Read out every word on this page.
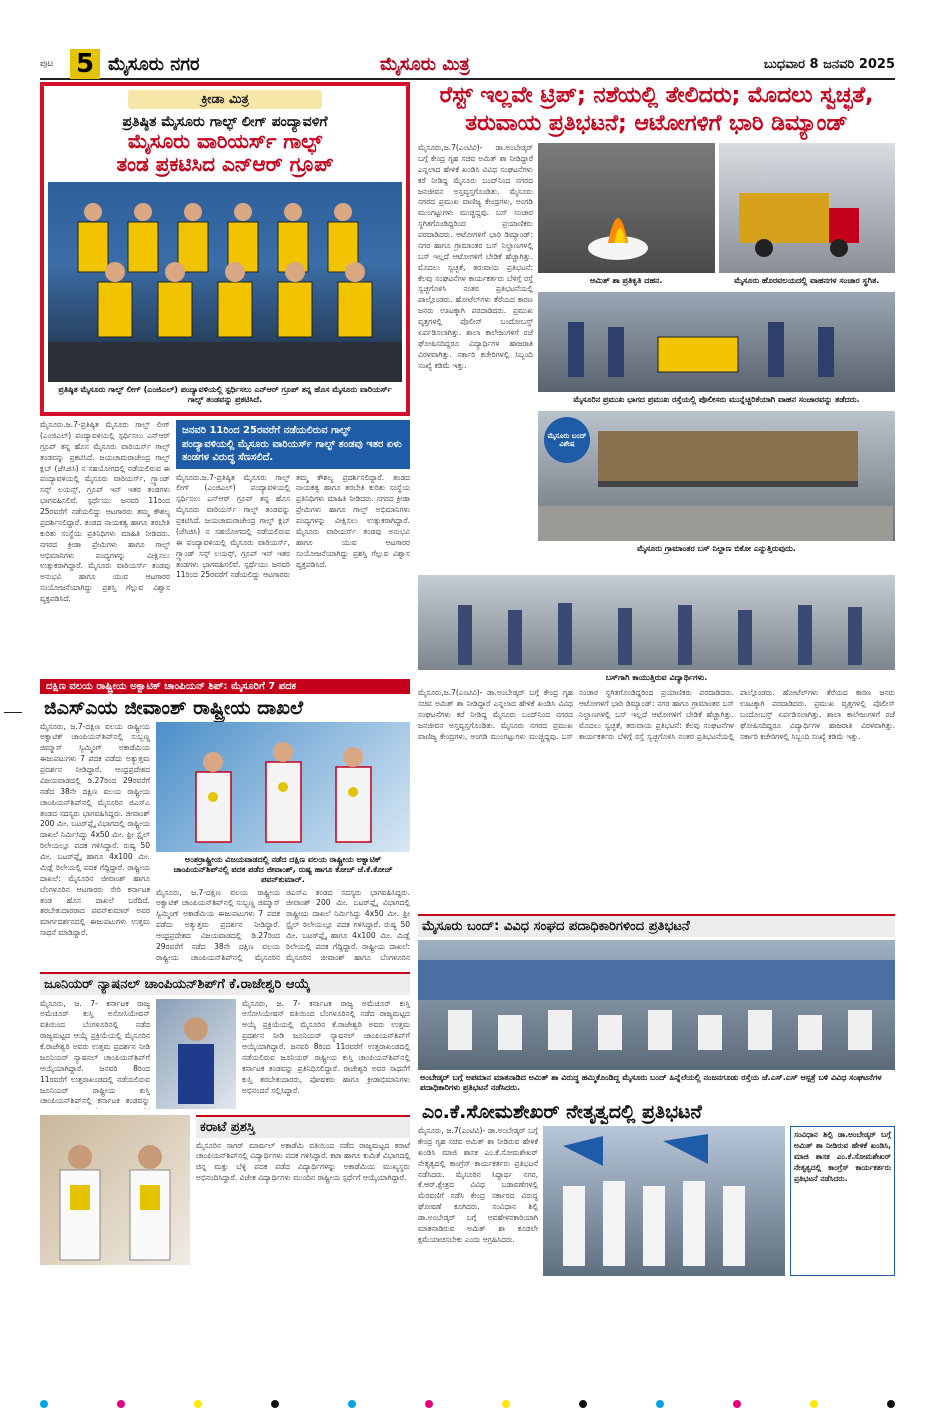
ಪುಟ 5 ಮೈಸೂರು ನಗರ	ಮೈಸೂರು ಮಿತ್ರ	ಬುಧವಾರ 8 ಜನವರಿ 2025
ಕ್ರೀಡಾ ಮಿತ್ರ
ಪ್ರತಿಷ್ಠಿತ ಮೈಸೂರು ಗಾಲ್ಫ್ ಲೀಗ್ ಪಂದ್ಯಾವಳಿಗೆ
ಮೈಸೂರು ವಾರಿಯರ್ಸ್ ಗಾಲ್ಫ್
ತಂಡ ಪ್ರಕಟಿಸಿದ ಎನ್‌ಆರ್ ಗ್ರೂಪ್
ಪ್ರತಿಷ್ಠಿತ ಮೈಸೂರು ಗಾಲ್ಫ್ ಲೀಗ್ (ಎಂಜಿಎಲ್) ಪಂದ್ಯಾವಳಿಯಲ್ಲಿ ಸ್ಪರ್ಧಿಸಲು ಎನ್‌ಆರ್ ಗ್ರೂಪ್ ತನ್ನ ಹೊಸ ಮೈಸೂರು ವಾರಿಯರ್ಸ್ ಗಾಲ್ಫ್ ತಂಡವನ್ನು ಪ್ರಕಟಿಸಿದೆ.
ಮೈಸೂರು.ಜ.7-ಪ್ರತಿಷ್ಠಿತ ಮೈಸೂರು ಗಾಲ್ಫ್ ಲೀಗ್ (ಎಂಜಿಎಲ್) ಪಂದ್ಯಾವಳಿಯಲ್ಲಿ ಸ್ಪರ್ಧಿಸಲು ಎನ್‌ಆರ್ ಗ್ರೂಪ್ ತನ್ನ ಹೊಸ ಮೈಸೂರು ವಾರಿಯರ್ಸ್ ಗಾಲ್ಫ್ ತಂಡವನ್ನು ಪ್ರಕಟಿಸಿದೆ. ಜಯಚಾಮರಾಜೇಂದ್ರ ಗಾಲ್ಫ್ ಕ್ಲಬ್ (ಜೆಸಿಜಿಸಿ) ನ ಸಹಯೋಗದಲ್ಲಿ ನಡೆಯಲಿರುವ ಈ ಪಂದ್ಯಾವಳಿಯಲ್ಲಿ ಮೈಸೂರು ವಾರಿಯರ್ಸ್, ಗ್ರ್ಯಾಂಡ್ ಸನ್ಸ್ ಲಯನ್ಸ್, ಗ್ರೂಪ್ ಇನ್ ಇತರ ತಂಡಗಳು ಭಾಗವಹಿಸಲಿವೆ. ಸ್ಪರ್ಧೆಯು ಜನವರಿ 11ರಿಂದ 25ರವರೆಗೆ ನಡೆಯಲಿದ್ದು ಆಟಗಾರರು ತಮ್ಮ ಕೌಶಲ್ಯ ಪ್ರದರ್ಶಿಸಲಿದ್ದಾರೆ. ತಂಡದ ನಾಯಕತ್ವ ಹಾಗೂ ತರಬೇತಿ ಕುರಿತು ಸಂಸ್ಥೆಯ ಪ್ರತಿನಿಧಿಗಳು ಮಾಹಿತಿ ನೀಡಿದರು. ನಗರದ ಕ್ರೀಡಾ ಪ್ರೇಮಿಗಳು ಹಾಗೂ ಗಾಲ್ಫ್ ಅಭಿಮಾನಿಗಳು ಪಂದ್ಯಗಳನ್ನು ವೀಕ್ಷಿಸಲು ಉತ್ಸುಕರಾಗಿದ್ದಾರೆ. ಮೈಸೂರು ವಾರಿಯರ್ಸ್ ತಂಡವು ಅನುಭವಿ ಹಾಗೂ ಯುವ ಆಟಗಾರರ ಸಂಯೋಜನೆಯಾಗಿದ್ದು ಪ್ರಶಸ್ತಿ ಗೆಲ್ಲುವ ವಿಶ್ವಾಸ ವ್ಯಕ್ತಪಡಿಸಿದೆ.
ಜನವರಿ 11ರಿಂದ 25ರವರೆಗೆ ನಡೆಯಲಿರುವ ಗಾಲ್ಫ್ ಪಂದ್ಯಾವಳಿಯಲ್ಲಿ ಮೈಸೂರು ವಾರಿಯರ್ಸ್ ಗಾಲ್ಫ್ ತಂಡವು ಇತರ ಏಳು ತಂಡಗಳ ವಿರುದ್ಧ ಸೆಣಸಲಿದೆ.
ಮೈಸೂರು.ಜ.7-ಪ್ರತಿಷ್ಠಿತ ಮೈಸೂರು ಗಾಲ್ಫ್ ಲೀಗ್ (ಎಂಜಿಎಲ್) ಪಂದ್ಯಾವಳಿಯಲ್ಲಿ ಸ್ಪರ್ಧಿಸಲು ಎನ್‌ಆರ್ ಗ್ರೂಪ್ ತನ್ನ ಹೊಸ ಮೈಸೂರು ವಾರಿಯರ್ಸ್ ಗಾಲ್ಫ್ ತಂಡವನ್ನು ಪ್ರಕಟಿಸಿದೆ. ಜಯಚಾಮರಾಜೇಂದ್ರ ಗಾಲ್ಫ್ ಕ್ಲಬ್ (ಜೆಸಿಜಿಸಿ) ನ ಸಹಯೋಗದಲ್ಲಿ ನಡೆಯಲಿರುವ ಈ ಪಂದ್ಯಾವಳಿಯಲ್ಲಿ ಮೈಸೂರು ವಾರಿಯರ್ಸ್, ಗ್ರ್ಯಾಂಡ್ ಸನ್ಸ್ ಲಯನ್ಸ್, ಗ್ರೂಪ್ ಇನ್ ಇತರ ತಂಡಗಳು ಭಾಗವಹಿಸಲಿವೆ. ಸ್ಪರ್ಧೆಯು ಜನವರಿ 11ರಿಂದ 25ರವರೆಗೆ ನಡೆಯಲಿದ್ದು ಆಟಗಾರರು ತಮ್ಮ ಕೌಶಲ್ಯ ಪ್ರದರ್ಶಿಸಲಿದ್ದಾರೆ. ತಂಡದ ನಾಯಕತ್ವ ಹಾಗೂ ತರಬೇತಿ ಕುರಿತು ಸಂಸ್ಥೆಯ ಪ್ರತಿನಿಧಿಗಳು ಮಾಹಿತಿ ನೀಡಿದರು. ನಗರದ ಕ್ರೀಡಾ ಪ್ರೇಮಿಗಳು ಹಾಗೂ ಗಾಲ್ಫ್ ಅಭಿಮಾನಿಗಳು ಪಂದ್ಯಗಳನ್ನು ವೀಕ್ಷಿಸಲು ಉತ್ಸುಕರಾಗಿದ್ದಾರೆ. ಮೈಸೂರು ವಾರಿಯರ್ಸ್ ತಂಡವು ಅನುಭವಿ ಹಾಗೂ ಯುವ ಆಟಗಾರರ ಸಂಯೋಜನೆಯಾಗಿದ್ದು ಪ್ರಶಸ್ತಿ ಗೆಲ್ಲುವ ವಿಶ್ವಾಸ ವ್ಯಕ್ತಪಡಿಸಿದೆ.
ದಕ್ಷಿಣ ವಲಯ ರಾಷ್ಟ್ರೀಯ ಅಕ್ವಾಟಿಕ್ ಚಾಂಪಿಯನ್ ಶಿಪ್: ಮೈಸೂರಿಗೆ 7 ಪದಕ
ಜಿಎಸ್‌ಎಯ ಜೀವಾಂಶ್ ರಾಷ್ಟ್ರೀಯ ದಾಖಲೆ
ಮೈಸೂರು, ಜ.7-ದಕ್ಷಿಣ ವಲಯ ರಾಷ್ಟ್ರೀಯ ಅಕ್ವಾಟಿಕ್ ಚಾಂಪಿಯನ್‌ಶಿಪ್‌ನಲ್ಲಿ ಸುಬ್ಬಣ್ಣ ಜಿಮ್ಮಾಸ್ ಸ್ವಿಮ್ಮಿಂಗ್ ಅಕಾಡೆಮಿಯ ಈಜುಪಟುಗಳು 7 ಪದಕ ಪಡೆದು ಅತ್ಯುತ್ತಮ ಪ್ರದರ್ಶನ ನೀಡಿದ್ದಾರೆ. ಆಂಧ್ರಪ್ರದೇಶದ ವಿಜಯವಾಡದಲ್ಲಿ ಡಿ.27ರಿಂದ 29ರವರೆಗೆ ನಡೆದ 38ನೇ ದಕ್ಷಿಣ ವಲಯ ರಾಷ್ಟ್ರೀಯ ಚಾಂಪಿಯನ್‌ಶಿಪ್‌ನಲ್ಲಿ ಮೈಸೂರಿನ ಜಿಎಸ್‌ಎ ತಂಡದ ಸದಸ್ಯರು ಭಾಗವಹಿಸಿದ್ದರು. ಜೀವಾಂಶ್ 200 ಮೀ. ಬಟರ್‌ಫ್ಲೈ ವಿಭಾಗದಲ್ಲಿ ರಾಷ್ಟ್ರೀಯ ದಾಖಲೆ ನಿರ್ಮಿಸಿದ್ದು 4x50 ಮೀ. ಫ್ರೀ ಸ್ಟೈಲ್ ರಿಲೇಯಲ್ಲೂ ಪದಕ ಗಳಿಸಿದ್ದಾರೆ. ರುಷ್ಯ 50 ಮೀ. ಬಟರ್‌ಫ್ಲೈ ಹಾಗೂ 4x100 ಮೀ. ಮಿಡ್ಲೆ ರಿಲೇಯಲ್ಲಿ ಪದಕ ಗೆದ್ದಿದ್ದಾರೆ. ರಾಷ್ಟ್ರೀಯ ದಾಖಲೆ: ಮೈಸೂರಿನ ಜೀವಾಂಶ್ ಹಾಗೂ ಬೆಂಗಳೂರಿನ ಆಟಗಾರರು ಸೇರಿ ಕರ್ನಾಟಕ ತಂಡ ಹೊಸ ದಾಖಲೆ ಬರೆದಿದೆ. ತರಬೇತುದಾರರಾದ ಪವನ್‌ಕುಮಾರ್ ಅವರ ಮಾರ್ಗದರ್ಶನದಲ್ಲಿ ಈಜುಪಟುಗಳು ಉತ್ತಮ ಸಾಧನೆ ಮಾಡಿದ್ದಾರೆ.
ಅಂತರ್ರಾಷ್ಟ್ರೀಯ ವಿಜಯವಾಡದಲ್ಲಿ ನಡೆದ ದಕ್ಷಿಣ ವಲಯ ರಾಷ್ಟ್ರೀಯ ಅಕ್ವಾಟಿಕ್ ಚಾಂಪಿಯನ್‌ಶಿಪ್‌ನಲ್ಲಿ ಪದಕ ಪಡೆದ ಜೀವಾಂಶ್, ರುಷ್ಯ ಹಾಗೂ ಕೋಚ್ ಜೆ.ಕೆ.ಕೋಚ್ ಪವನ್‌ಕುಮಾರ್.
ಮೈಸೂರು, ಜ.7-ದಕ್ಷಿಣ ವಲಯ ರಾಷ್ಟ್ರೀಯ ಅಕ್ವಾಟಿಕ್ ಚಾಂಪಿಯನ್‌ಶಿಪ್‌ನಲ್ಲಿ ಸುಬ್ಬಣ್ಣ ಜಿಮ್ಮಾಸ್ ಸ್ವಿಮ್ಮಿಂಗ್ ಅಕಾಡೆಮಿಯ ಈಜುಪಟುಗಳು 7 ಪದಕ ಪಡೆದು ಅತ್ಯುತ್ತಮ ಪ್ರದರ್ಶನ ನೀಡಿದ್ದಾರೆ. ಆಂಧ್ರಪ್ರದೇಶದ ವಿಜಯವಾಡದಲ್ಲಿ ಡಿ.27ರಿಂದ 29ರವರೆಗೆ ನಡೆದ 38ನೇ ದಕ್ಷಿಣ ವಲಯ ರಾಷ್ಟ್ರೀಯ ಚಾಂಪಿಯನ್‌ಶಿಪ್‌ನಲ್ಲಿ ಮೈಸೂರಿನ ಜಿಎಸ್‌ಎ ತಂಡದ ಸದಸ್ಯರು ಭಾಗವಹಿಸಿದ್ದರು. ಜೀವಾಂಶ್ 200 ಮೀ. ಬಟರ್‌ಫ್ಲೈ ವಿಭಾಗದಲ್ಲಿ ರಾಷ್ಟ್ರೀಯ ದಾಖಲೆ ನಿರ್ಮಿಸಿದ್ದು 4x50 ಮೀ. ಫ್ರೀ ಸ್ಟೈಲ್ ರಿಲೇಯಲ್ಲೂ ಪದಕ ಗಳಿಸಿದ್ದಾರೆ. ರುಷ್ಯ 50 ಮೀ. ಬಟರ್‌ಫ್ಲೈ ಹಾಗೂ 4x100 ಮೀ. ಮಿಡ್ಲೆ ರಿಲೇಯಲ್ಲಿ ಪದಕ ಗೆದ್ದಿದ್ದಾರೆ. ರಾಷ್ಟ್ರೀಯ ದಾಖಲೆ: ಮೈಸೂರಿನ ಜೀವಾಂಶ್ ಹಾಗೂ ಬೆಂಗಳೂರಿನ
ಜೂನಿಯರ್ ನ್ಯಾಷನಲ್ ಚಾಂಪಿಯನ್‌ಶಿಪ್‌ಗೆ ಕೆ.ರಾಜೇಶ್ವರಿ ಆಯ್ಕೆ
ಮೈಸೂರು, ಜ. 7- ಕರ್ನಾಟಕ ರಾಜ್ಯ ಅಮೆಚೂರ್ ಕುಸ್ತಿ ಅಸೋಸಿಯೇಷನ್ ವತಿಯಿಂದ ಬೆಂಗಳೂರಿನಲ್ಲಿ ನಡೆದ ರಾಜ್ಯಮಟ್ಟದ ಆಯ್ಕೆ ಪ್ರಕ್ರಿಯೆಯಲ್ಲಿ ಮೈಸೂರಿನ ಕೆ.ರಾಜೇಶ್ವರಿ ಅವರು ಉತ್ತಮ ಪ್ರದರ್ಶನ ನೀಡಿ ಜೂನಿಯರ್ ನ್ಯಾಷನಲ್ ಚಾಂಪಿಯನ್‌ಶಿಪ್‌ಗೆ ಆಯ್ಕೆಯಾಗಿದ್ದಾರೆ. ಜನವರಿ 8ರಿಂದ 11ರವರೆಗೆ ಉತ್ತರಾಖಂಡದಲ್ಲಿ ನಡೆಯಲಿರುವ ಜೂನಿಯರ್ ರಾಷ್ಟ್ರೀಯ ಕುಸ್ತಿ ಚಾಂಪಿಯನ್‌ಶಿಪ್‌ನಲ್ಲಿ ಕರ್ನಾಟಕ ತಂಡವನ್ನು
ಮೈಸೂರು, ಜ. 7- ಕರ್ನಾಟಕ ರಾಜ್ಯ ಅಮೆಚೂರ್ ಕುಸ್ತಿ ಅಸೋಸಿಯೇಷನ್ ವತಿಯಿಂದ ಬೆಂಗಳೂರಿನಲ್ಲಿ ನಡೆದ ರಾಜ್ಯಮಟ್ಟದ ಆಯ್ಕೆ ಪ್ರಕ್ರಿಯೆಯಲ್ಲಿ ಮೈಸೂರಿನ ಕೆ.ರಾಜೇಶ್ವರಿ ಅವರು ಉತ್ತಮ ಪ್ರದರ್ಶನ ನೀಡಿ ಜೂನಿಯರ್ ನ್ಯಾಷನಲ್ ಚಾಂಪಿಯನ್‌ಶಿಪ್‌ಗೆ ಆಯ್ಕೆಯಾಗಿದ್ದಾರೆ. ಜನವರಿ 8ರಿಂದ 11ರವರೆಗೆ ಉತ್ತರಾಖಂಡದಲ್ಲಿ ನಡೆಯಲಿರುವ ಜೂನಿಯರ್ ರಾಷ್ಟ್ರೀಯ ಕುಸ್ತಿ ಚಾಂಪಿಯನ್‌ಶಿಪ್‌ನಲ್ಲಿ ಕರ್ನಾಟಕ ತಂಡವನ್ನು ಪ್ರತಿನಿಧಿಸಲಿದ್ದಾರೆ. ರಾಜೇಶ್ವರಿ ಅವರ ಸಾಧನೆಗೆ ಕುಸ್ತಿ ತರಬೇತುದಾರರು, ಪೋಷಕರು ಹಾಗೂ ಕ್ರೀಡಾಭಿಮಾನಿಗಳು ಅಭಿನಂದನೆ ಸಲ್ಲಿಸಿದ್ದಾರೆ.
ಕರಾಟೆ ಪ್ರಶಸ್ತಿ
ಮೈಸೂರಿನ ಸಾಗರ್ ಮಾರ್ಷಲ್ ಅಕಾಡೆಮಿ ವತಿಯಿಂದ ನಡೆದ ರಾಜ್ಯಮಟ್ಟದ ಕರಾಟೆ ಚಾಂಪಿಯನ್‌ಶಿಪ್‌ನಲ್ಲಿ ವಿದ್ಯಾರ್ಥಿಗಳು ಪದಕ ಗಳಿಸಿದ್ದಾರೆ. ಕಟಾ ಹಾಗೂ ಕುಮಿತೆ ವಿಭಾಗದಲ್ಲಿ ಚಿನ್ನ ಮತ್ತು ಬೆಳ್ಳಿ ಪದಕ ಪಡೆದ ವಿದ್ಯಾರ್ಥಿಗಳನ್ನು ಅಕಾಡೆಮಿಯ ಮುಖ್ಯಸ್ಥರು ಅಭಿನಂದಿಸಿದ್ದಾರೆ. ವಿಜೇತ ವಿದ್ಯಾರ್ಥಿಗಳು ಮುಂದಿನ ರಾಷ್ಟ್ರೀಯ ಸ್ಪರ್ಧೆಗೆ ಆಯ್ಕೆಯಾಗಿದ್ದಾರೆ.
ರೆಸ್ಟ್ ಇಲ್ಲವೇ ಟ್ರಿಪ್; ನಶೆಯಲ್ಲಿ ತೇಲಿದರು; ಮೊದಲು ಸ್ವಚ್ಛತೆ,
ತರುವಾಯ ಪ್ರತಿಭಟನೆ; ಆಟೋಗಳಿಗೆ ಭಾರಿ ಡಿಮ್ಯಾಂಡ್
ಮೈಸೂರು,ಜ.7(ಎಂಟಿವಿ)- ಡಾ.ಅಂಬೇಡ್ಕರ್ ಬಗ್ಗೆ ಕೇಂದ್ರ ಗೃಹ ಸಚಿವ ಅಮಿತ್ ಶಾ ನೀಡಿದ್ದಾರೆ ಎನ್ನಲಾದ ಹೇಳಿಕೆ ಖಂಡಿಸಿ ವಿವಿಧ ಸಂಘಟನೆಗಳು ಕರೆ ನೀಡಿದ್ದ ಮೈಸೂರು ಬಂದ್‌ನಿಂದ ನಗರದ ಜನಜೀವನ ಅಸ್ತವ್ಯಸ್ತಗೊಂಡಿತು. ಮೈಸೂರು ನಗರದ ಪ್ರಮುಖ ವಾಣಿಜ್ಯ ಕೇಂದ್ರಗಳು, ಅಂಗಡಿ ಮುಂಗಟ್ಟುಗಳು ಮುಚ್ಚಿದ್ದವು. ಬಸ್ ಸಂಚಾರ ಸ್ಥಗಿತಗೊಂಡಿದ್ದರಿಂದ ಪ್ರಯಾಣಿಕರು ಪರದಾಡಿದರು. ಆಟೋಗಳಿಗೆ ಭಾರಿ ಡಿಮ್ಯಾಂಡ್: ನಗರ ಹಾಗೂ ಗ್ರಾಮಾಂತರ ಬಸ್ ನಿಲ್ದಾಣಗಳಲ್ಲಿ ಬಸ್ ಇಲ್ಲದೆ ಆಟೋಗಳಿಗೆ ಬೇಡಿಕೆ ಹೆಚ್ಚಾಗಿತ್ತು. ಮೊದಲು ಸ್ವಚ್ಛತೆ, ತರುವಾಯ ಪ್ರತಿಭಟನೆ: ಕೆಲವು ಸಂಘಟನೆಗಳ ಕಾರ್ಯಕರ್ತರು ಬೆಳಿಗ್ಗೆ ರಸ್ತೆ ಸ್ವಚ್ಛಗೊಳಿಸಿ ನಂತರ ಪ್ರತಿಭಟನೆಯಲ್ಲಿ ಪಾಲ್ಗೊಂಡರು. ಹೋಟೆಲ್‌ಗಳು ತೆರೆಯದ ಕಾರಣ ಜನರು ಊಟಕ್ಕಾಗಿ ಪರದಾಡಿದರು. ಪ್ರಮುಖ ವೃತ್ತಗಳಲ್ಲಿ ಪೊಲೀಸ್ ಬಂದೋಬಸ್ತ್ ಏರ್ಪಡಿಸಲಾಗಿತ್ತು. ಶಾಲಾ ಕಾಲೇಜುಗಳಿಗೆ ರಜೆ ಘೋಷಿಸದಿದ್ದರೂ ವಿದ್ಯಾರ್ಥಿಗಳ ಹಾಜರಾತಿ ವಿರಳವಾಗಿತ್ತು. ಸರ್ಕಾರಿ ಕಚೇರಿಗಳಲ್ಲಿ ಸಿಬ್ಬಂದಿ ಸಂಖ್ಯೆ ಕಡಿಮೆ ಇತ್ತು.
ಅಮಿತ್ ಶಾ ಪ್ರತಿಕೃತಿ ದಹನ.	ಮೈಸೂರು ಹೊರವಲಯದಲ್ಲಿ ವಾಹನಗಳ ಸಂಚಾರ ಸ್ಥಗಿತ.
ಮೈಸೂರಿನ ಪ್ರಮುಖ ಭಾಗದ ಪ್ರಮುಖ ರಸ್ತೆಯಲ್ಲಿ ಪೊಲೀಸರು ಮುನ್ನೆಚ್ಚರಿಕೆಯಾಗಿ ವಾಹನ ಸಂಚಾರವನ್ನು ತಡೆದರು.
ಮೈಸೂರು ಬಂದ್ ವಿಶೇಷ
ಮೈಸೂರು ಗ್ರಾಮಾಂತರ ಬಸ್ ನಿಲ್ದಾಣ ಬಿಕೋ ಎನ್ನುತ್ತಿರುವುದು.
ಬಸ್‌ಗಾಗಿ ಕಾಯುತ್ತಿರುವ ವಿದ್ಯಾರ್ಥಿಗಳು.
ಮೈಸೂರು,ಜ.7(ಎಂಟಿವಿ)- ಡಾ.ಅಂಬೇಡ್ಕರ್ ಬಗ್ಗೆ ಕೇಂದ್ರ ಗೃಹ ಸಚಿವ ಅಮಿತ್ ಶಾ ನೀಡಿದ್ದಾರೆ ಎನ್ನಲಾದ ಹೇಳಿಕೆ ಖಂಡಿಸಿ ವಿವಿಧ ಸಂಘಟನೆಗಳು ಕರೆ ನೀಡಿದ್ದ ಮೈಸೂರು ಬಂದ್‌ನಿಂದ ನಗರದ ಜನಜೀವನ ಅಸ್ತವ್ಯಸ್ತಗೊಂಡಿತು. ಮೈಸೂರು ನಗರದ ಪ್ರಮುಖ ವಾಣಿಜ್ಯ ಕೇಂದ್ರಗಳು, ಅಂಗಡಿ ಮುಂಗಟ್ಟುಗಳು ಮುಚ್ಚಿದ್ದವು. ಬಸ್ ಸಂಚಾರ ಸ್ಥಗಿತಗೊಂಡಿದ್ದರಿಂದ ಪ್ರಯಾಣಿಕರು ಪರದಾಡಿದರು. ಆಟೋಗಳಿಗೆ ಭಾರಿ ಡಿಮ್ಯಾಂಡ್: ನಗರ ಹಾಗೂ ಗ್ರಾಮಾಂತರ ಬಸ್ ನಿಲ್ದಾಣಗಳಲ್ಲಿ ಬಸ್ ಇಲ್ಲದೆ ಆಟೋಗಳಿಗೆ ಬೇಡಿಕೆ ಹೆಚ್ಚಾಗಿತ್ತು. ಮೊದಲು ಸ್ವಚ್ಛತೆ, ತರುವಾಯ ಪ್ರತಿಭಟನೆ: ಕೆಲವು ಸಂಘಟನೆಗಳ ಕಾರ್ಯಕರ್ತರು ಬೆಳಿಗ್ಗೆ ರಸ್ತೆ ಸ್ವಚ್ಛಗೊಳಿಸಿ ನಂತರ ಪ್ರತಿಭಟನೆಯಲ್ಲಿ ಪಾಲ್ಗೊಂಡರು. ಹೋಟೆಲ್‌ಗಳು ತೆರೆಯದ ಕಾರಣ ಜನರು ಊಟಕ್ಕಾಗಿ ಪರದಾಡಿದರು. ಪ್ರಮುಖ ವೃತ್ತಗಳಲ್ಲಿ ಪೊಲೀಸ್ ಬಂದೋಬಸ್ತ್ ಏರ್ಪಡಿಸಲಾಗಿತ್ತು. ಶಾಲಾ ಕಾಲೇಜುಗಳಿಗೆ ರಜೆ ಘೋಷಿಸದಿದ್ದರೂ ವಿದ್ಯಾರ್ಥಿಗಳ ಹಾಜರಾತಿ ವಿರಳವಾಗಿತ್ತು. ಸರ್ಕಾರಿ ಕಚೇರಿಗಳಲ್ಲಿ ಸಿಬ್ಬಂದಿ ಸಂಖ್ಯೆ ಕಡಿಮೆ ಇತ್ತು.
ಮೈಸೂರು ಬಂದ್: ವಿವಿಧ ಸಂಘದ ಪದಾಧಿಕಾರಿಗಳಿಂದ ಪ್ರತಿಭಟನೆ
ಅಂಬೇಡ್ಕರ್ ಬಗ್ಗೆ ಅಪಮಾನ ಮಾತನಾಡಿದ ಅಮಿತ್ ಶಾ ವಿರುದ್ಧ ಹಮ್ಮಿಕೊಂಡಿದ್ದ ಮೈಸೂರು ಬಂದ್ ಹಿನ್ನೆಲೆಯಲ್ಲಿ ನಂಜನಗೂಡು ರಸ್ತೆಯ ಜೆ.ಎಸ್.ಎಸ್ ಆಸ್ಪತ್ರೆ ಬಳಿ ವಿವಿಧ ಸಂಘಟನೆಗಳ ಪದಾಧಿಕಾರಿಗಳು ಪ್ರತಿಭಟನೆ ನಡೆಸಿದರು.
ಎಂ.ಕೆ.ಸೋಮಶೇಖರ್ ನೇತೃತ್ವದಲ್ಲಿ ಪ್ರತಿಭಟನೆ
ಮೈಸೂರು, ಜ.7(ಎಂಟಿವಿ)- ಡಾ.ಅಂಬೇಡ್ಕರ್ ಬಗ್ಗೆ ಕೇಂದ್ರ ಗೃಹ ಸಚಿವ ಅಮಿತ್ ಶಾ ನೀಡಿರುವ ಹೇಳಿಕೆ ಖಂಡಿಸಿ ಮಾಜಿ ಶಾಸಕ ಎಂ.ಕೆ.ಸೋಮಶೇಖರ್ ನೇತೃತ್ವದಲ್ಲಿ ಕಾಂಗ್ರೆಸ್ ಕಾರ್ಯಕರ್ತರು ಪ್ರತಿಭಟನೆ ನಡೆಸಿದರು. ಮೈಸೂರಿನ ಸಿದ್ಧಾರ್ಥ ನಗರ, ಕೆ.ಆರ್.ಕ್ಷೇತ್ರದ ವಿವಿಧ ಬಡಾವಣೆಗಳಲ್ಲಿ ಮೆರವಣಿಗೆ ನಡೆಸಿ ಕೇಂದ್ರ ಸರ್ಕಾರದ ವಿರುದ್ಧ ಘೋಷಣೆ ಕೂಗಿದರು. ಸಂವಿಧಾನ ಶಿಲ್ಪಿ ಡಾ.ಅಂಬೇಡ್ಕರ್ ಬಗ್ಗೆ ಅವಹೇಳನಕಾರಿಯಾಗಿ ಮಾತನಾಡಿರುವ ಅಮಿತ್ ಶಾ ಕೂಡಲೇ ಕ್ಷಮೆಯಾಚಿಸಬೇಕು ಎಂದು ಆಗ್ರಹಿಸಿದರು.
ಸಂವಿಧಾನ ಶಿಲ್ಪಿ ಡಾ.ಅಂಬೇಡ್ಕರ್ ಬಗ್ಗೆ ಅಮಿತ್ ಶಾ ನೀಡಿರುವ ಹೇಳಿಕೆ ಖಂಡಿಸಿ, ಮಾಜಿ ಶಾಸಕ ಎಂ.ಕೆ.ಸೋಮಶೇಖರ್ ನೇತೃತ್ವದಲ್ಲಿ ಕಾಂಗ್ರೆಸ್ ಕಾರ್ಯಕರ್ತರು ಪ್ರತಿಭಟನೆ ನಡೆಸಿದರು.
